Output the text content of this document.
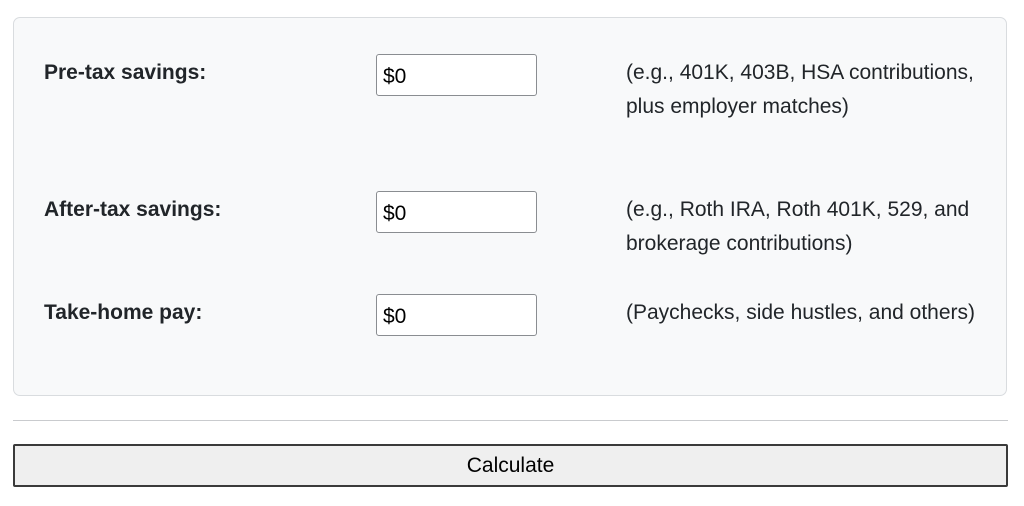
Pre-tax savings:
$0	(e.g., 401K, 403B, HSA contributions, plus employer matches)
After-tax savings:
$0	(e.g., Roth IRA, Roth 401K, 529, and brokerage contributions)
Take-home pay:
$0	(Paychecks, side hustles, and others)
Calculate
